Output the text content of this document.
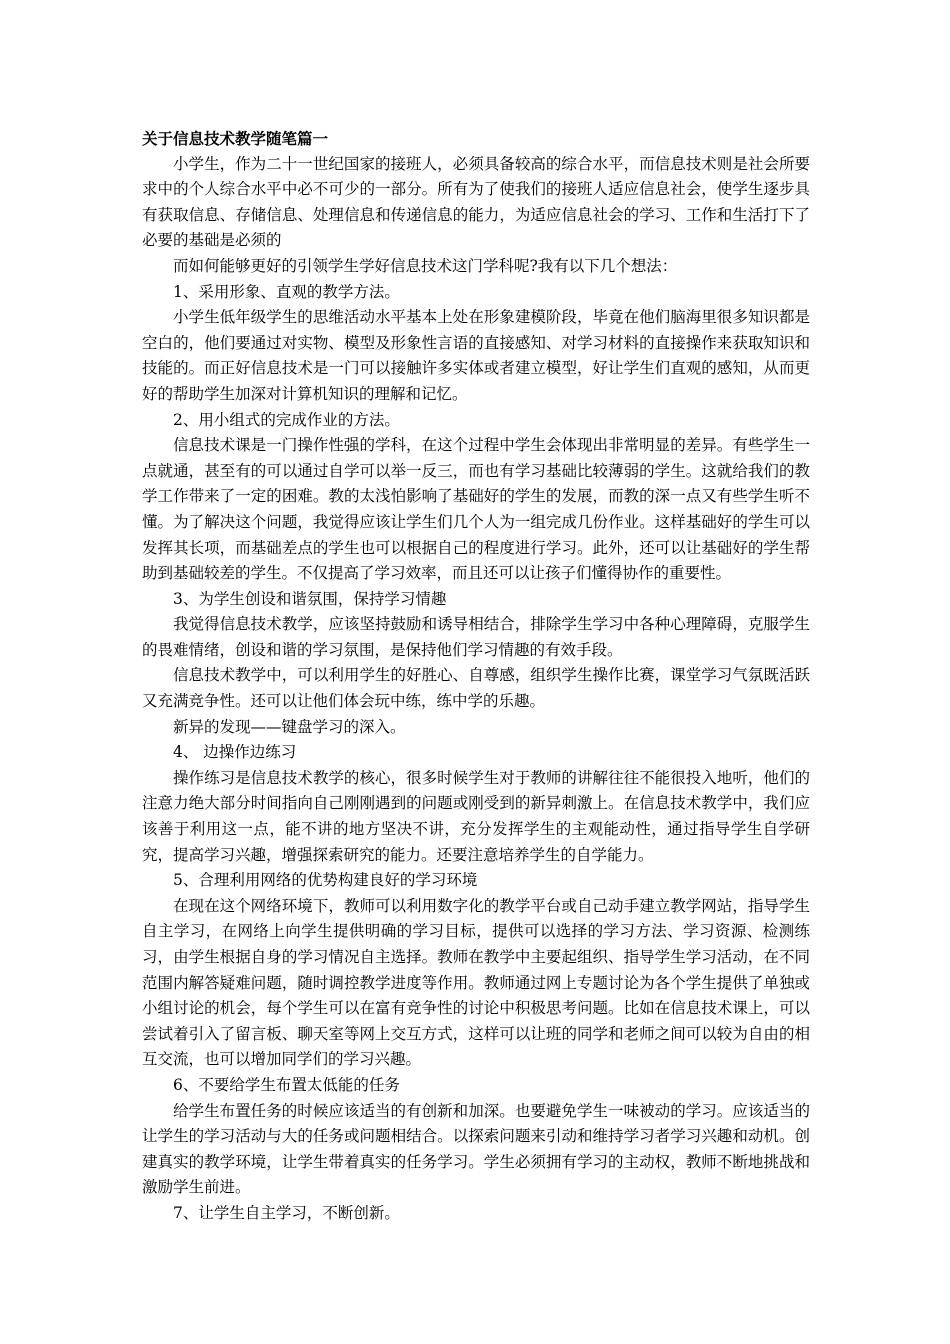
关于信息技术教学随笔篇一

小学生，作为二十一世纪国家的接班人，必须具备较高的综合水平，而信息技术则是社会所要求中的个人综合水平中必不可少的一部分。所有为了使我们的接班人适应信息社会，使学生逐步具有获取信息、存储信息、处理信息和传递信息的能力，为适应信息社会的学习、工作和生活打下了必要的基础是必须的

而如何能够更好的引领学生学好信息技术这门学科呢?我有以下几个想法：

1、采用形象、直观的教学方法。

小学生低年级学生的思维活动水平基本上处在形象建模阶段，毕竟在他们脑海里很多知识都是空白的，他们要通过对实物、模型及形象性言语的直接感知、对学习材料的直接操作来获取知识和技能的。而正好信息技术是一门可以接触许多实体或者建立模型，好让学生们直观的感知，从而更好的帮助学生加深对计算机知识的理解和记忆。

2、用小组式的完成作业的方法。

信息技术课是一门操作性强的学科，在这个过程中学生会体现出非常明显的差异。有些学生一点就通，甚至有的可以通过自学可以举一反三，而也有学习基础比较薄弱的学生。这就给我们的教学工作带来了一定的困难。教的太浅怕影响了基础好的学生的发展，而教的深一点又有些学生听不懂。为了解决这个问题，我觉得应该让学生们几个人为一组完成几份作业。这样基础好的学生可以发挥其长项，而基础差点的学生也可以根据自己的程度进行学习。此外，还可以让基础好的学生帮助到基础较差的学生。不仅提高了学习效率，而且还可以让孩子们懂得协作的重要性。

3、为学生创设和谐氛围，保持学习情趣

我觉得信息技术教学，应该坚持鼓励和诱导相结合，排除学生学习中各种心理障碍，克服学生的畏难情绪，创设和谐的学习氛围，是保持他们学习情趣的有效手段。

信息技术教学中，可以利用学生的好胜心、自尊感，组织学生操作比赛，课堂学习气氛既活跃又充满竞争性。还可以让他们体会玩中练，练中学的乐趣。

新异的发现——键盘学习的深入。

4、 边操作边练习

操作练习是信息技术教学的核心，很多时候学生对于教师的讲解往往不能很投入地听，他们的注意力绝大部分时间指向自己刚刚遇到的问题或刚受到的新异刺激上。在信息技术教学中，我们应该善于利用这一点，能不讲的地方坚决不讲，充分发挥学生的主观能动性，通过指导学生自学研究，提高学习兴趣，增强探索研究的能力。还要注意培养学生的自学能力。

5、合理利用网络的优势构建良好的学习环境

在现在这个网络环境下，教师可以利用数字化的教学平台或自己动手建立教学网站，指导学生自主学习，在网络上向学生提供明确的学习目标，提供可以选择的学习方法、学习资源、检测练习，由学生根据自身的学习情况自主选择。教师在教学中主要起组织、指导学生学习活动，在不同范围内解答疑难问题，随时调控教学进度等作用。教师通过网上专题讨论为各个学生提供了单独或小组讨论的机会，每个学生可以在富有竞争性的讨论中积极思考问题。比如在信息技术课上，可以尝试着引入了留言板、聊天室等网上交互方式，这样可以让班的同学和老师之间可以较为自由的相互交流，也可以增加同学们的学习兴趣。

6、不要给学生布置太低能的任务

给学生布置任务的时候应该适当的有创新和加深。也要避免学生一味被动的学习。应该适当的让学生的学习活动与大的任务或问题相结合。以探索问题来引动和维持学习者学习兴趣和动机。创建真实的教学环境，让学生带着真实的任务学习。学生必须拥有学习的主动权，教师不断地挑战和激励学生前进。

7、让学生自主学习，不断创新。
